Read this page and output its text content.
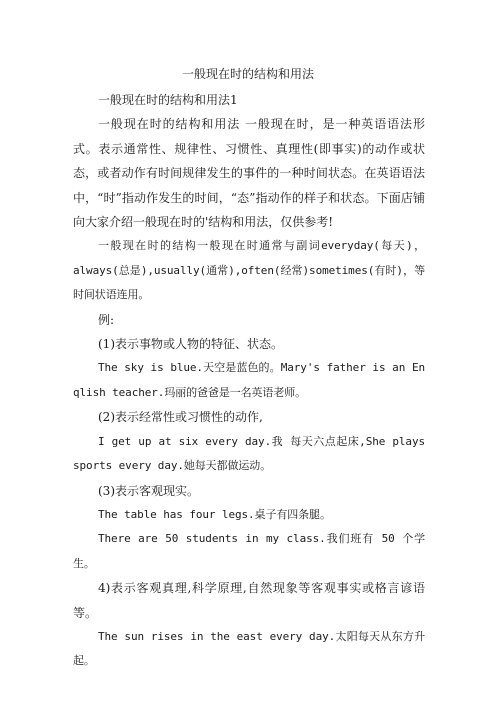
一般现在时的结构和用法

一般现在时的结构和用法1

一般现在时的结构和用法 一般现在时，是一种英语语法形式。表示通常性、规律性、习惯性、真理性(即事实)的动作或状态，或者动作有时间规律发生的事件的一种时间状态。在英语语法中，“时”指动作发生的时间，“态”指动作的样子和状态。下面店铺向大家介绍一般现在时的'结构和用法，仅供参考!

一般现在时的结构一般现在时通常与副词everyday(每天)，always(总是),usually(通常),often(经常)sometimes(有时)，等时间状语连用。

例:

(1)表示事物或人物的特征、状态。

The sky is blue.天空是蓝色的。Mary's father is an En qlish teacher.玛丽的爸爸是一名英语老师。

(2)表示经常性或习惯性的动作,

I get up at six every day.我 每天六点起床,She plays sports every day.她每天都做运动。

(3)表示客观现实。

The table has four legs.桌子有四条腿。

There are 50 students in my class.我们班有 50 个学生。

4)表示客观真理,科学原理,自然现象等客观事实或格言谚语等。

The sun rises in the east every day.太阳每天从东方升起。
